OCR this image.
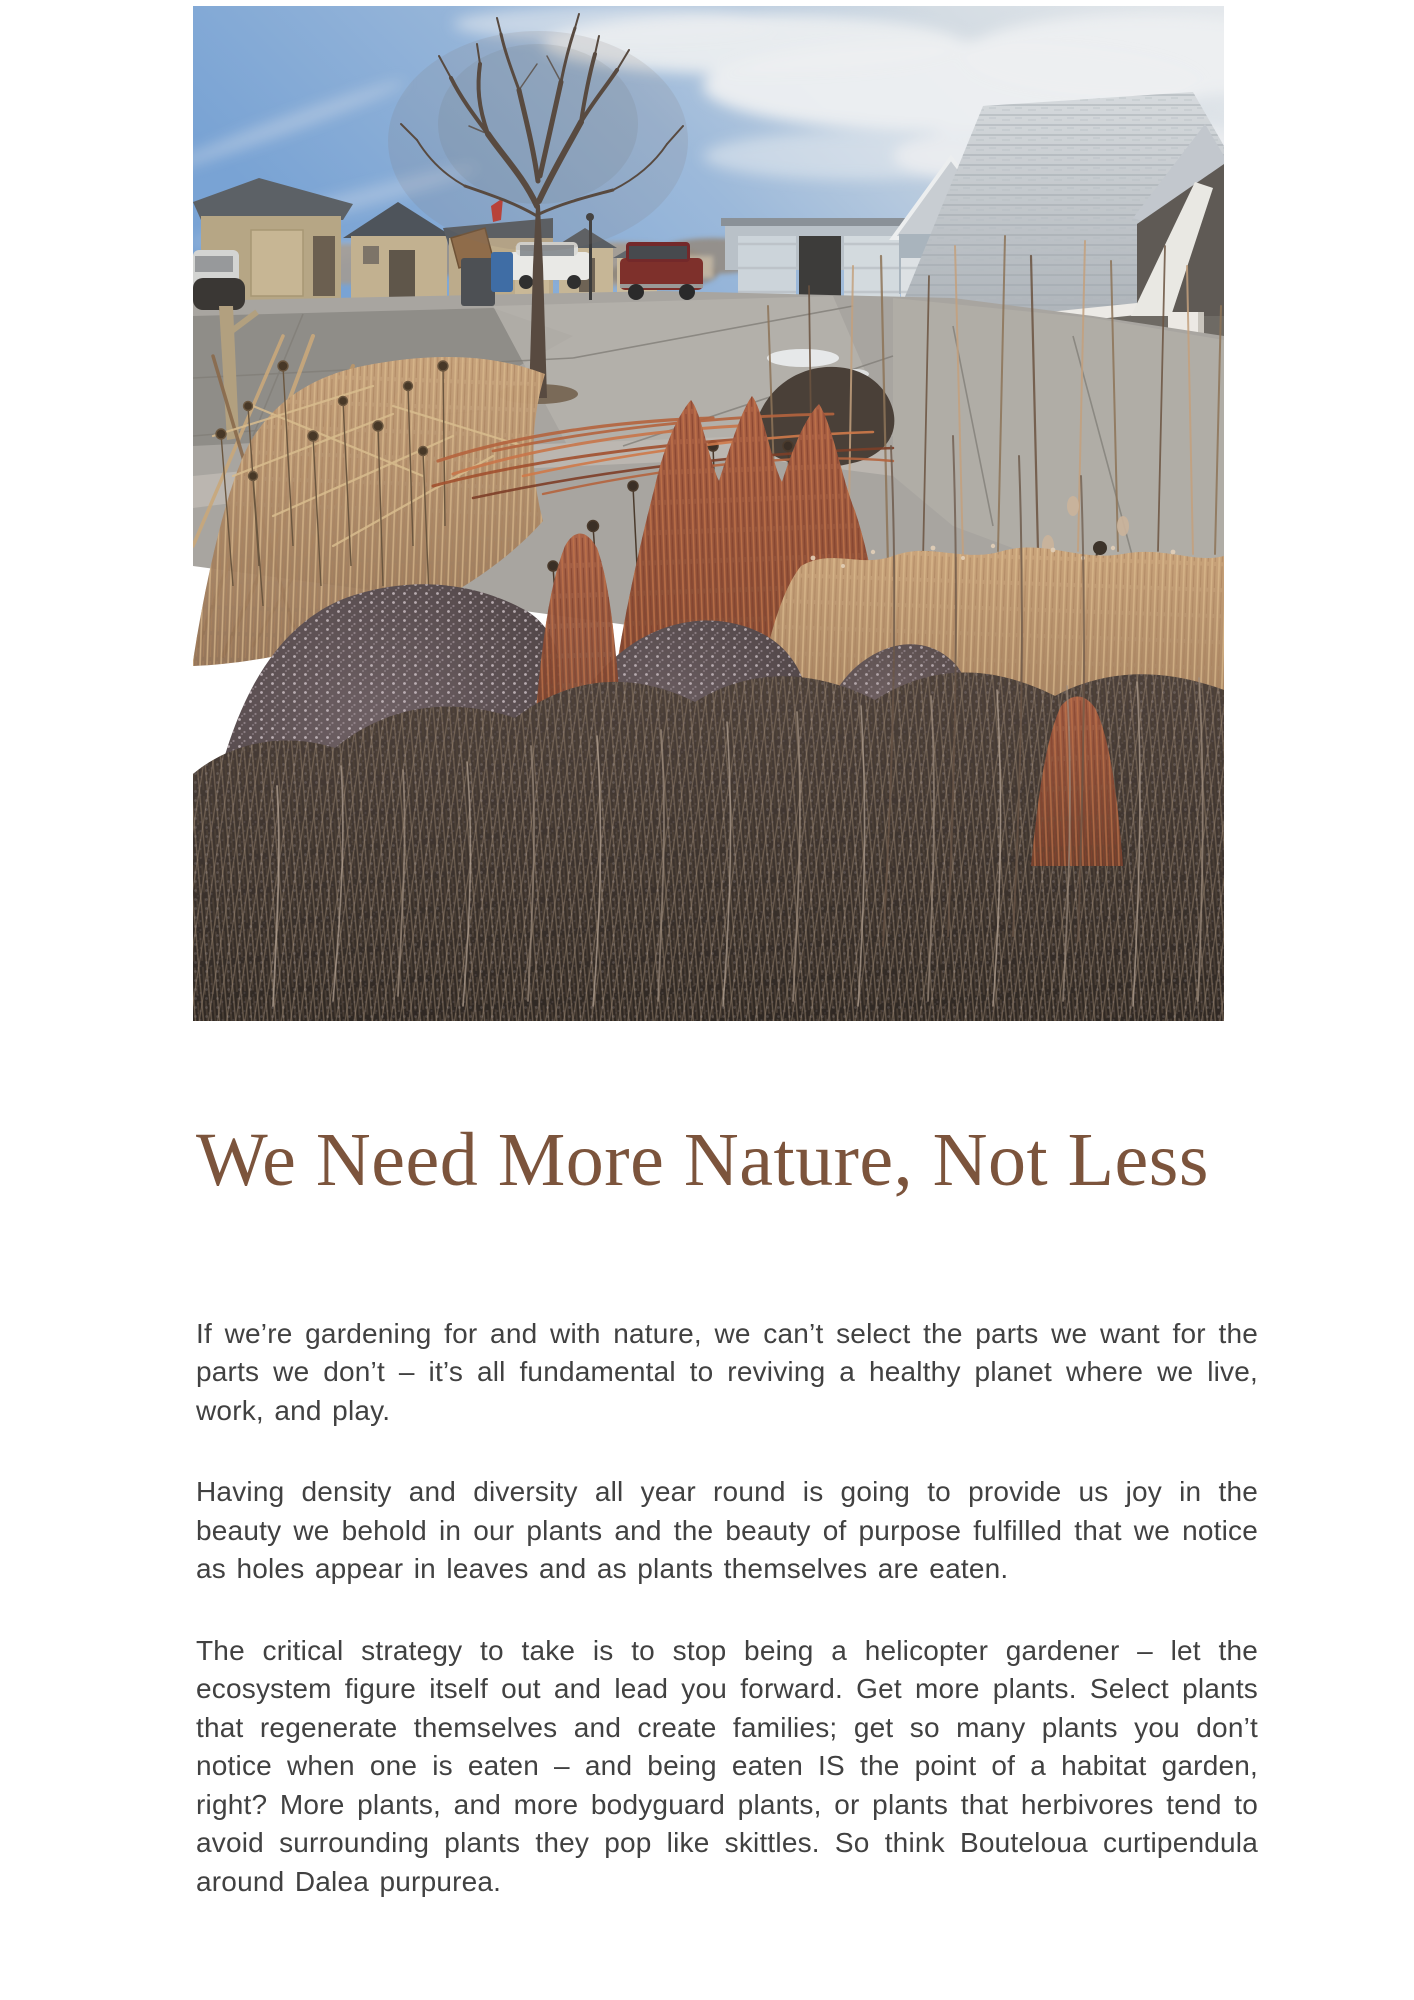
We Need More Nature, Not Less

If we’re gardening for and with nature, we can’t select the parts we want for the parts we don’t – it’s all fundamental to reviving a healthy planet where we live, work, and play.

Having density and diversity all year round is going to provide us joy in the beauty we behold in our plants and the beauty of purpose fulfilled that we notice as holes appear in leaves and as plants themselves are eaten.

The critical strategy to take is to stop being a helicopter gardener – let the ecosystem figure itself out and lead you forward. Get more plants. Select plants that regenerate themselves and create families; get so many plants you don’t notice when one is eaten – and being eaten IS the point of a habitat garden, right? More plants, and more bodyguard plants, or plants that herbivores tend to avoid surrounding plants they pop like skittles. So think Bouteloua curtipendula around Dalea purpurea.
